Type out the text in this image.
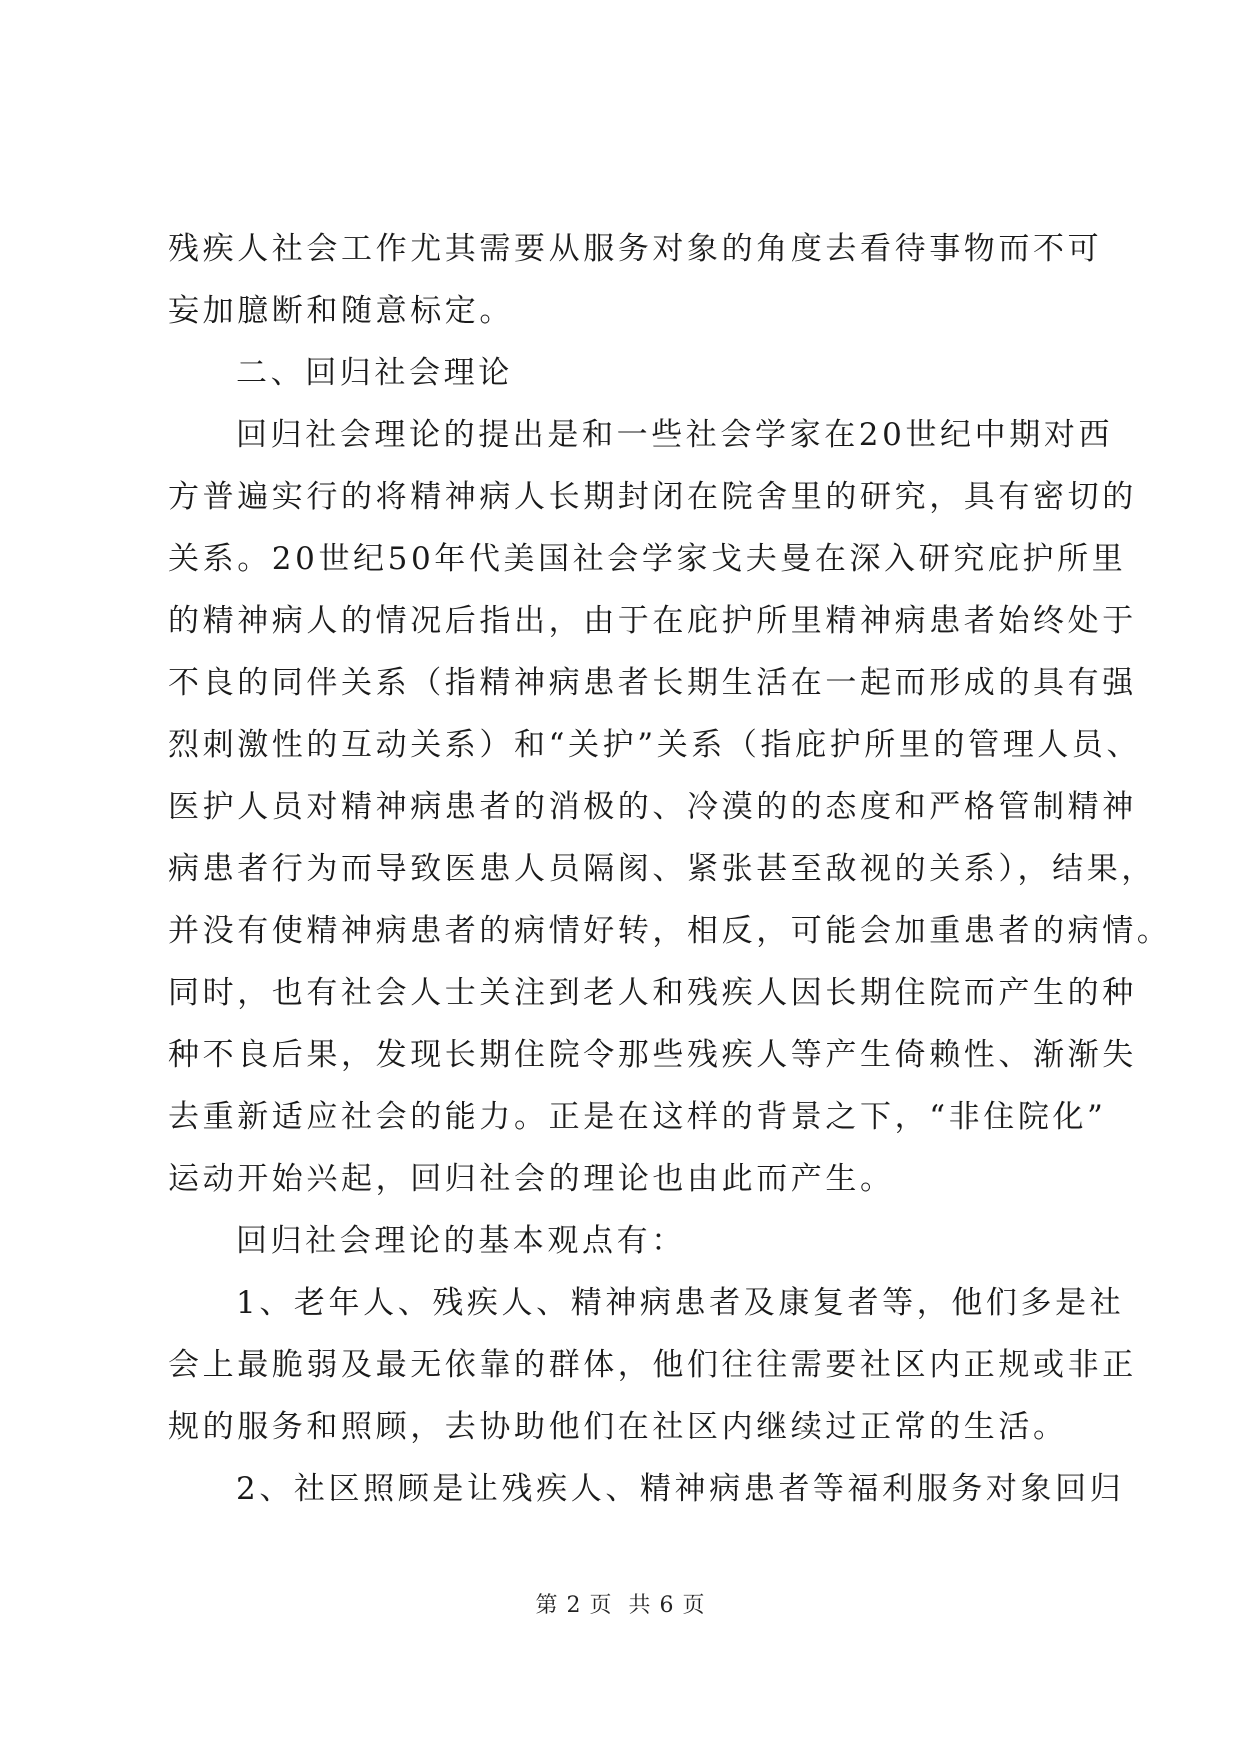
残疾人社会工作尤其需要从服务对象的角度去看待事物而不可
妄加臆断和随意标定。
二、回归社会理论
回归社会理论的提出是和一些社会学家在20世纪中期对西
方普遍实行的将精神病人长期封闭在院舍里的研究，具有密切的
关系。20世纪50年代美国社会学家戈夫曼在深入研究庇护所里
的精神病人的情况后指出，由于在庇护所里精神病患者始终处于
不良的同伴关系（指精神病患者长期生活在一起而形成的具有强
烈刺激性的互动关系）和“关护”关系（指庇护所里的管理人员、
医护人员对精神病患者的消极的、冷漠的的态度和严格管制精神
病患者行为而导致医患人员隔阂、紧张甚至敌视的关系），结果，
并没有使精神病患者的病情好转，相反，可能会加重患者的病情。
同时，也有社会人士关注到老人和残疾人因长期住院而产生的种
种不良后果，发现长期住院令那些残疾人等产生倚赖性、渐渐失
去重新适应社会的能力。正是在这样的背景之下，“非住院化”
运动开始兴起，回归社会的理论也由此而产生。
回归社会理论的基本观点有：
1、老年人、残疾人、精神病患者及康复者等，他们多是社
会上最脆弱及最无依靠的群体，他们往往需要社区内正规或非正
规的服务和照顾，去协助他们在社区内继续过正常的生活。
2、社区照顾是让残疾人、精神病患者等福利服务对象回归
第 2 页  共 6 页
